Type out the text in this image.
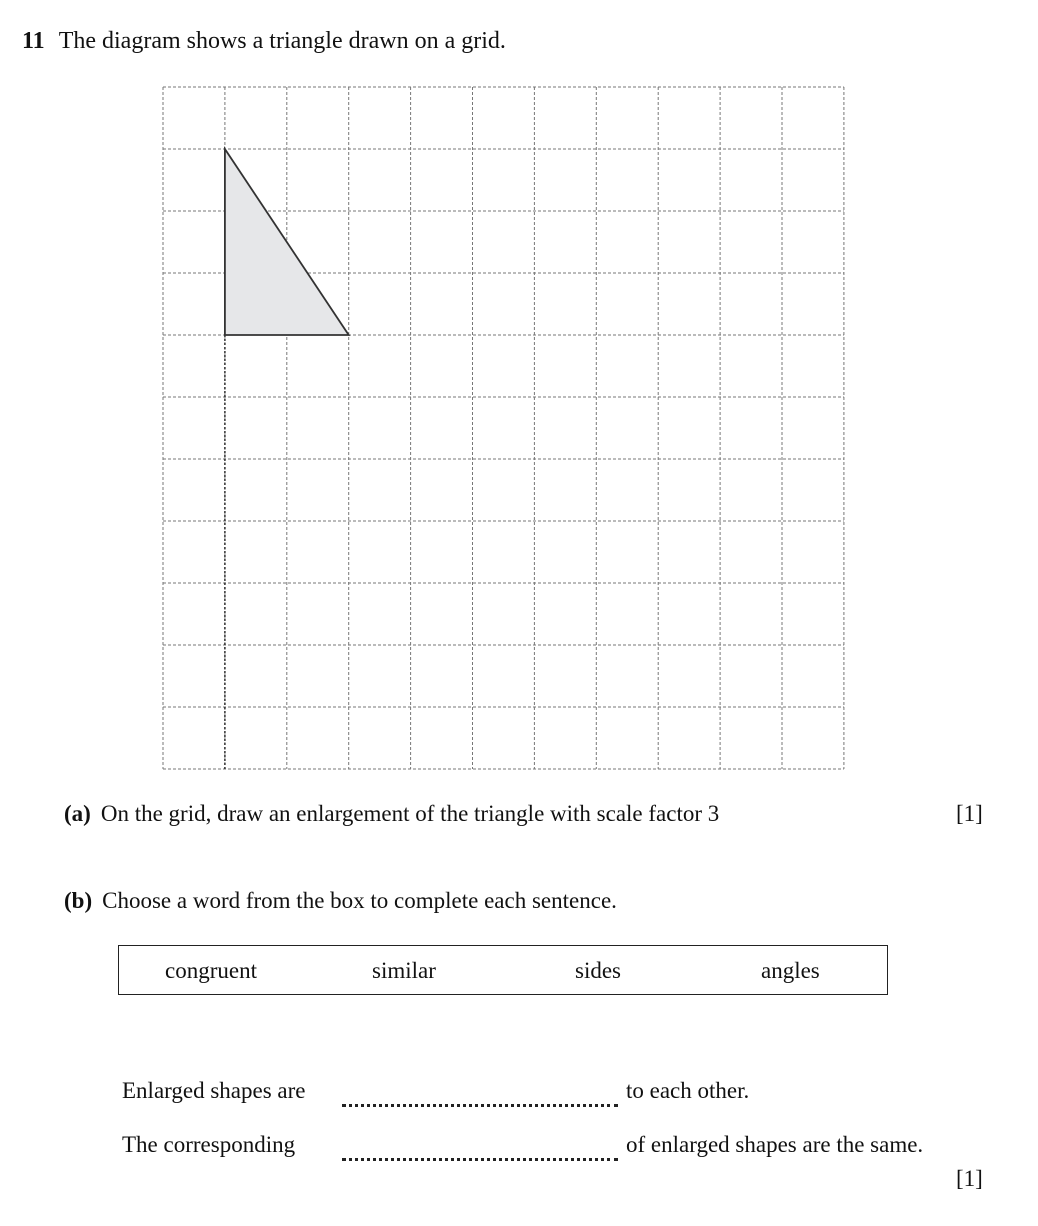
11 The diagram shows a triangle drawn on a grid.
(a) On the grid, draw an enlargement of the triangle with scale factor 3	[1]
(b) Choose a word from the box to complete each sentence.
congruent	similar	sides	angles
Enlarged shapes are	to each other.
The corresponding	of enlarged shapes are the same.
[1]
